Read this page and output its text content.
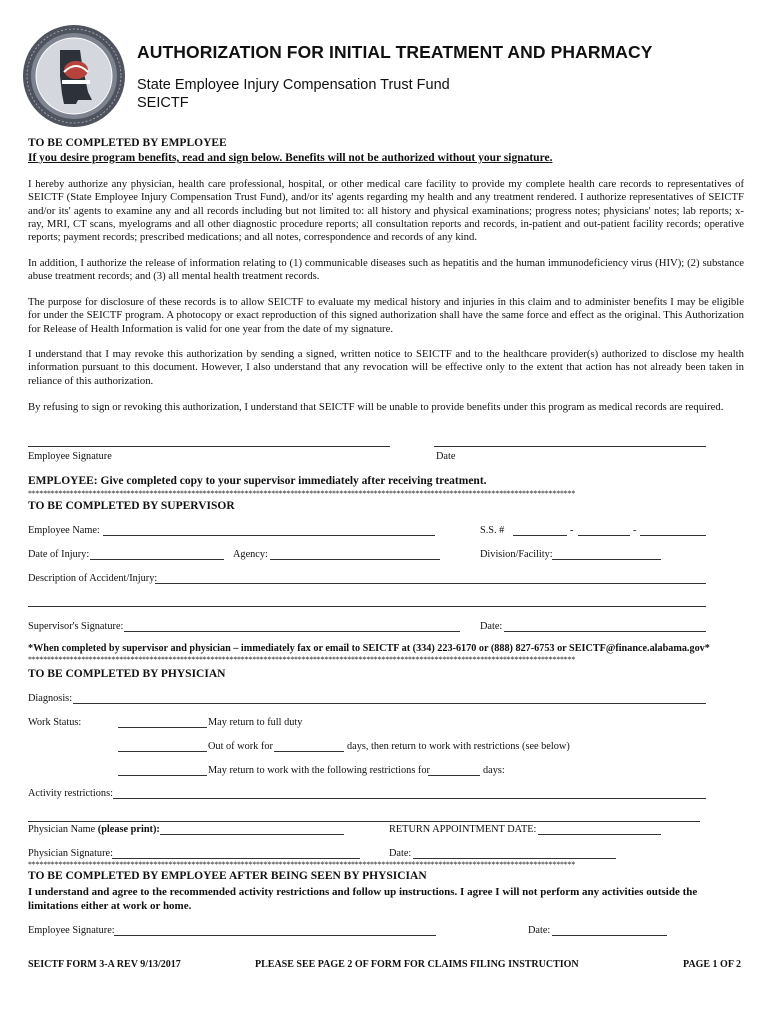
AUTHORIZATION FOR INITIAL TREATMENT AND PHARMACY
State Employee Injury Compensation Trust Fund
SEICTF
TO BE COMPLETED BY EMPLOYEE
If you desire program benefits, read and sign below. Benefits will not be authorized without your signature.
I hereby authorize any physician, health care professional, hospital, or other medical care facility to provide my complete health care records to representatives of SEICTF (State Employee Injury Compensation Trust Fund), and/or its' agents regarding my health and any treatment rendered. I authorize representatives of SEICTF and/or its' agents to examine any and all records including but not limited to: all history and physical examinations; progress notes; physicians' notes; lab reports; x-ray, MRI, CT scans, myelograms and all other diagnostic procedure reports; all consultation reports and records, in-patient and out-patient facility records; operative reports; payment records; prescribed medications; and all notes, correspondence and records of any kind.
In addition, I authorize the release of information relating to (1) communicable diseases such as hepatitis and the human immunodeficiency virus (HIV); (2) substance abuse treatment records; and (3) all mental health treatment records.
The purpose for disclosure of these records is to allow SEICTF to evaluate my medical history and injuries in this claim and to administer benefits I may be eligible for under the SEICTF program. A photocopy or exact reproduction of this signed authorization shall have the same force and effect as the original. This Authorization for Release of Health Information is valid for one year from the date of my signature.
I understand that I may revoke this authorization by sending a signed, written notice to SEICTF and to the healthcare provider(s) authorized to disclose my health information pursuant to this document. However, I also understand that any revocation will be effective only to the extent that action has not already been taken in reliance of this authorization.
By refusing to sign or revoking this authorization, I understand that SEICTF will be unable to provide benefits under this program as medical records are required.
Employee Signature	Date
EMPLOYEE: Give completed copy to your supervisor immediately after receiving treatment.
************************************************************************************************************************************************
TO BE COMPLETED BY SUPERVISOR
Employee Name:	S.S. #	-	-
Date of Injury:	Agency:	Division/Facility:
Description of Accident/Injury:
Supervisor's Signature:	Date:
*When completed by supervisor and physician – immediately fax or email to SEICTF at (334) 223-6170 or (888) 827-6753 or SEICTF@finance.alabama.gov*
************************************************************************************************************************************************
TO BE COMPLETED BY PHYSICIAN
Diagnosis:
Work Status:	May return to full duty
Out of work for	days, then return to work with restrictions (see below)
May return to work with the following restrictions for	days:
Activity restrictions:
Physician Name (please print):	RETURN APPOINTMENT DATE:
Physician Signature:	Date:
************************************************************************************************************************************************
TO BE COMPLETED BY EMPLOYEE AFTER BEING SEEN BY PHYSICIAN
I understand and agree to the recommended activity restrictions and follow up instructions. I agree I will not perform any activities outside the limitations either at work or home.
Employee Signature:	Date:
SEICTF FORM 3-A REV 9/13/2017	PLEASE SEE PAGE 2 OF FORM FOR CLAIMS FILING INSTRUCTION	PAGE 1 OF 2
